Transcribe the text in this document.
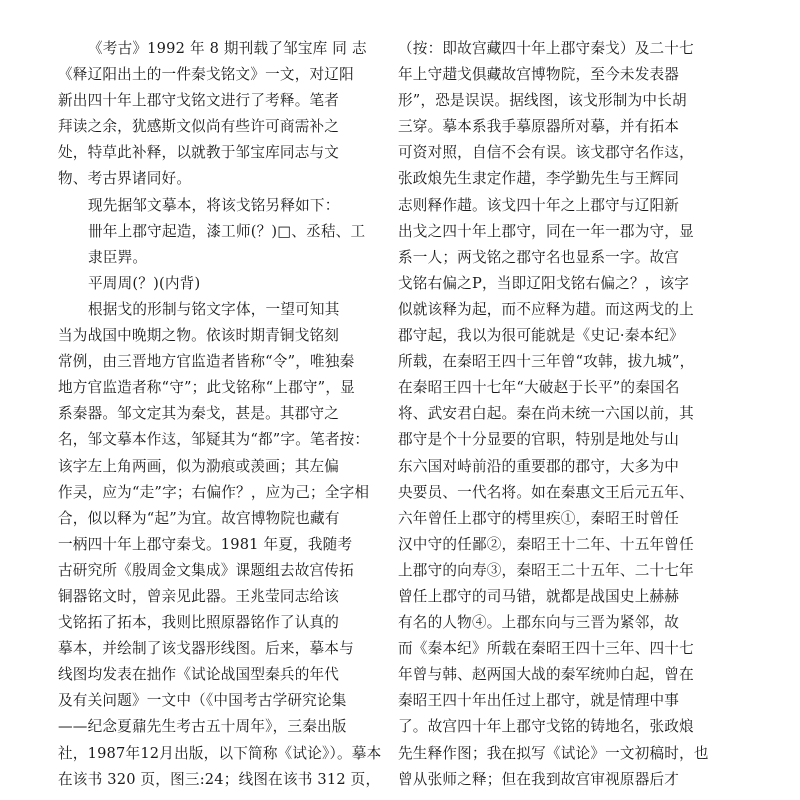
《考古》1992 年 8 期刊载了邹宝库 同 志
《释辽阳出土的一件秦戈铭文》一文，对辽阳
新出四十年上郡守戈铭文进行了考释。笔者
拜读之余，犹感斯文似尚有些许可商需补之
处，特草此补释，以就教于邹宝库同志与文
物、考古界诸同好。
现先据邹文摹本，将该戈铭另释如下：
卌年上郡守起造，漆工师(？)□、丞秸、工
隶臣𢁅。
平周周(？)(内背)
根据戈的形制与铭文字体，一望可知其
当为战国中晚期之物。依该时期青铜戈铭刻
常例，由三晋地方官监造者皆称“令”，唯独秦
地方官监造者称“守”；此戈铭称“上郡守”，显
系秦器。邹文定其为秦戈，甚是。其郡守之
名，邹文摹本作𨑤，邹疑其为“都”字。笔者按：
该字左上角两画，似为泐痕或羡画；其左偏
作㚑，应为“走”字；右偏作？，应为己；全字相
合，似以释为“起”为宜。故宫博物院也藏有
一柄四十年上郡守秦戈。1981 年夏，我随考
古研究所《殷周金文集成》课题组去故宫传拓
铜器铭文时，曾亲见此器。王兆莹同志给该
戈铭拓了拓本，我则比照原器铭作了认真的
摹本，并绘制了该戈器形线图。后来，摹本与
线图均发表在拙作《试论战国型秦兵的年代
及有关问题》一文中（《中国考古学研究论集
——纪念夏鼐先生考古五十周年》，三秦出版
社，1987年12月出版，以下简称《试论》）。摹本
在该书 320 页，图三:24；线图在该书 312 页，
（按：即故宫藏四十年上郡守秦戈）及二十七
年上守趞戈俱藏故宫博物院，至今未发表器
形”，恐是误误。据线图，该戈形制为中长胡
三穿。摹本系我手摹原器所对摹，并有拓本
可资对照，自信不会有误。该戈郡守名作𨑤，
张政烺先生隶定作趞，李学勤先生与王辉同
志则释作趞。该戈四十年之上郡守与辽阳新
出戈之四十年上郡守，同在一年一郡为守，显
系一人；两戈铭之郡守名也显系一字。故宫
戈铭右偏之P，当即辽阳戈铭右偏之？，该字
似就该释为起，而不应释为趞。而这两戈的上
郡守起，我以为很可能就是《史记·秦本纪》
所载，在秦昭王四十三年曾“攻韩，拔九城”，
在秦昭王四十七年“大破赵于长平”的秦国名
将、武安君白起。秦在尚未统一六国以前，其
郡守是个十分显要的官职，特别是地处与山
东六国对峙前沿的重要郡的郡守，大多为中
央要员、一代名将。如在秦惠文王后元五年、
六年曾任上郡守的樗里疾①，秦昭王时曾任
汉中守的任鄙②，秦昭王十二年、十五年曾任
上郡守的向寿③，秦昭王二十五年、二十七年
曾任上郡守的司马错，就都是战国史上赫赫
有名的人物④。上郡东向与三晋为紧邻，故
而《秦本纪》所载在秦昭王四十三年、四十七
年曾与韩、赵两国大战的秦军统帅白起，曾在
秦昭王四十年出任过上郡守，就是情理中事
了。故宫四十年上郡守戈铭的铸地名，张政烺
先生释作图；我在拟写《试论》一文初稿时，也
曾从张师之释；但在我到故宫审视原器后才
